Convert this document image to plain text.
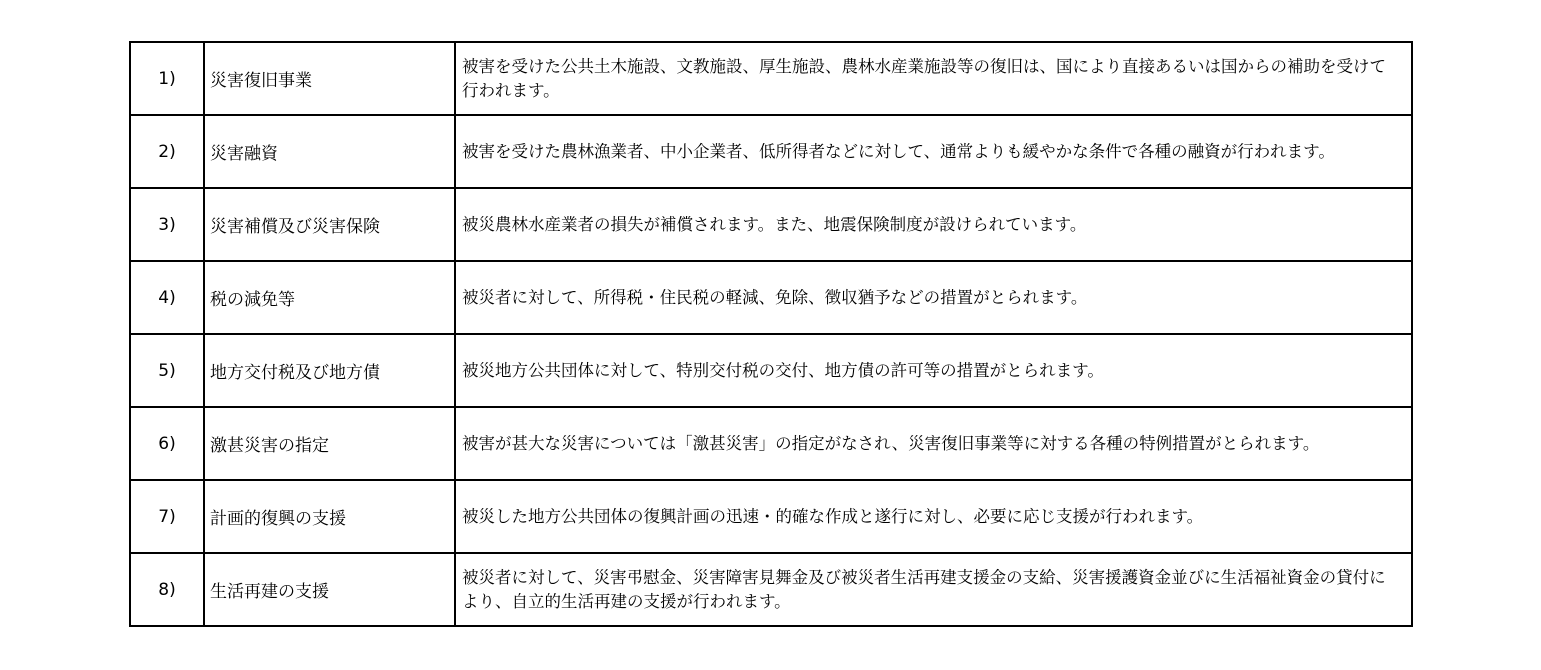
1)	災害復旧事業	被害を受けた公共土木施設、文教施設、厚生施設、農林水産業施設等の復旧は、国により直接あるいは国からの補助を受けて行われます。
2)	災害融資	被害を受けた農林漁業者、中小企業者、低所得者などに対して、通常よりも緩やかな条件で各種の融資が行われます。
3)	災害補償及び災害保険	被災農林水産業者の損失が補償されます。また、地震保険制度が設けられています。
4)	税の減免等	被災者に対して、所得税・住民税の軽減、免除、徴収猶予などの措置がとられます。
5)	地方交付税及び地方債	被災地方公共団体に対して、特別交付税の交付、地方債の許可等の措置がとられます。
6)	激甚災害の指定	被害が甚大な災害については「激甚災害」の指定がなされ、災害復旧事業等に対する各種の特例措置がとられます。
7)	計画的復興の支援	被災した地方公共団体の復興計画の迅速・的確な作成と遂行に対し、必要に応じ支援が行われます。
8)	生活再建の支援	被災者に対して、災害弔慰金、災害障害見舞金及び被災者生活再建支援金の支給、災害援護資金並びに生活福祉資金の貸付により、自立的生活再建の支援が行われます。
